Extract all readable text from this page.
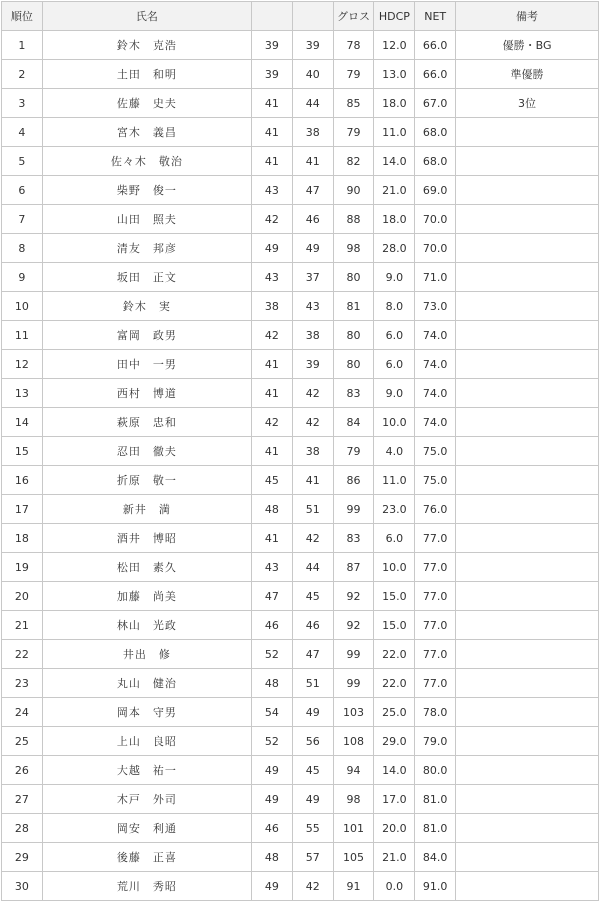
順位	氏名			グロス	HDCP	NET	備考
1	鈴木　克浩	39	39	78	12.0	66.0	優勝・BG
2	土田　和明	39	40	79	13.0	66.0	準優勝
3	佐藤　史夫	41	44	85	18.0	67.0	3位
4	宮木　義昌	41	38	79	11.0	68.0	
5	佐々木　敬治	41	41	82	14.0	68.0	
6	柴野　俊一	43	47	90	21.0	69.0	
7	山田　照夫	42	46	88	18.0	70.0	
8	清友　邦彦	49	49	98	28.0	70.0	
9	坂田　正文	43	37	80	9.0	71.0	
10	鈴木　実	38	43	81	8.0	73.0	
11	富岡　政男	42	38	80	6.0	74.0	
12	田中　一男	41	39	80	6.0	74.0	
13	西村　博道	41	42	83	9.0	74.0	
14	萩原　忠和	42	42	84	10.0	74.0	
15	忍田　徹夫	41	38	79	4.0	75.0	
16	折原　敬一	45	41	86	11.0	75.0	
17	新井　満	48	51	99	23.0	76.0	
18	酒井　博昭	41	42	83	6.0	77.0	
19	松田　素久	43	44	87	10.0	77.0	
20	加藤　尚美	47	45	92	15.0	77.0	
21	林山　光政	46	46	92	15.0	77.0	
22	井出　修	52	47	99	22.0	77.0	
23	丸山　健治	48	51	99	22.0	77.0	
24	岡本　守男	54	49	103	25.0	78.0	
25	上山　良昭	52	56	108	29.0	79.0	
26	大越　祐一	49	45	94	14.0	80.0	
27	木戸　外司	49	49	98	17.0	81.0	
28	岡安　利通	46	55	101	20.0	81.0	
29	後藤　正喜	48	57	105	21.0	84.0	
30	荒川　秀昭	49	42	91	0.0	91.0	
